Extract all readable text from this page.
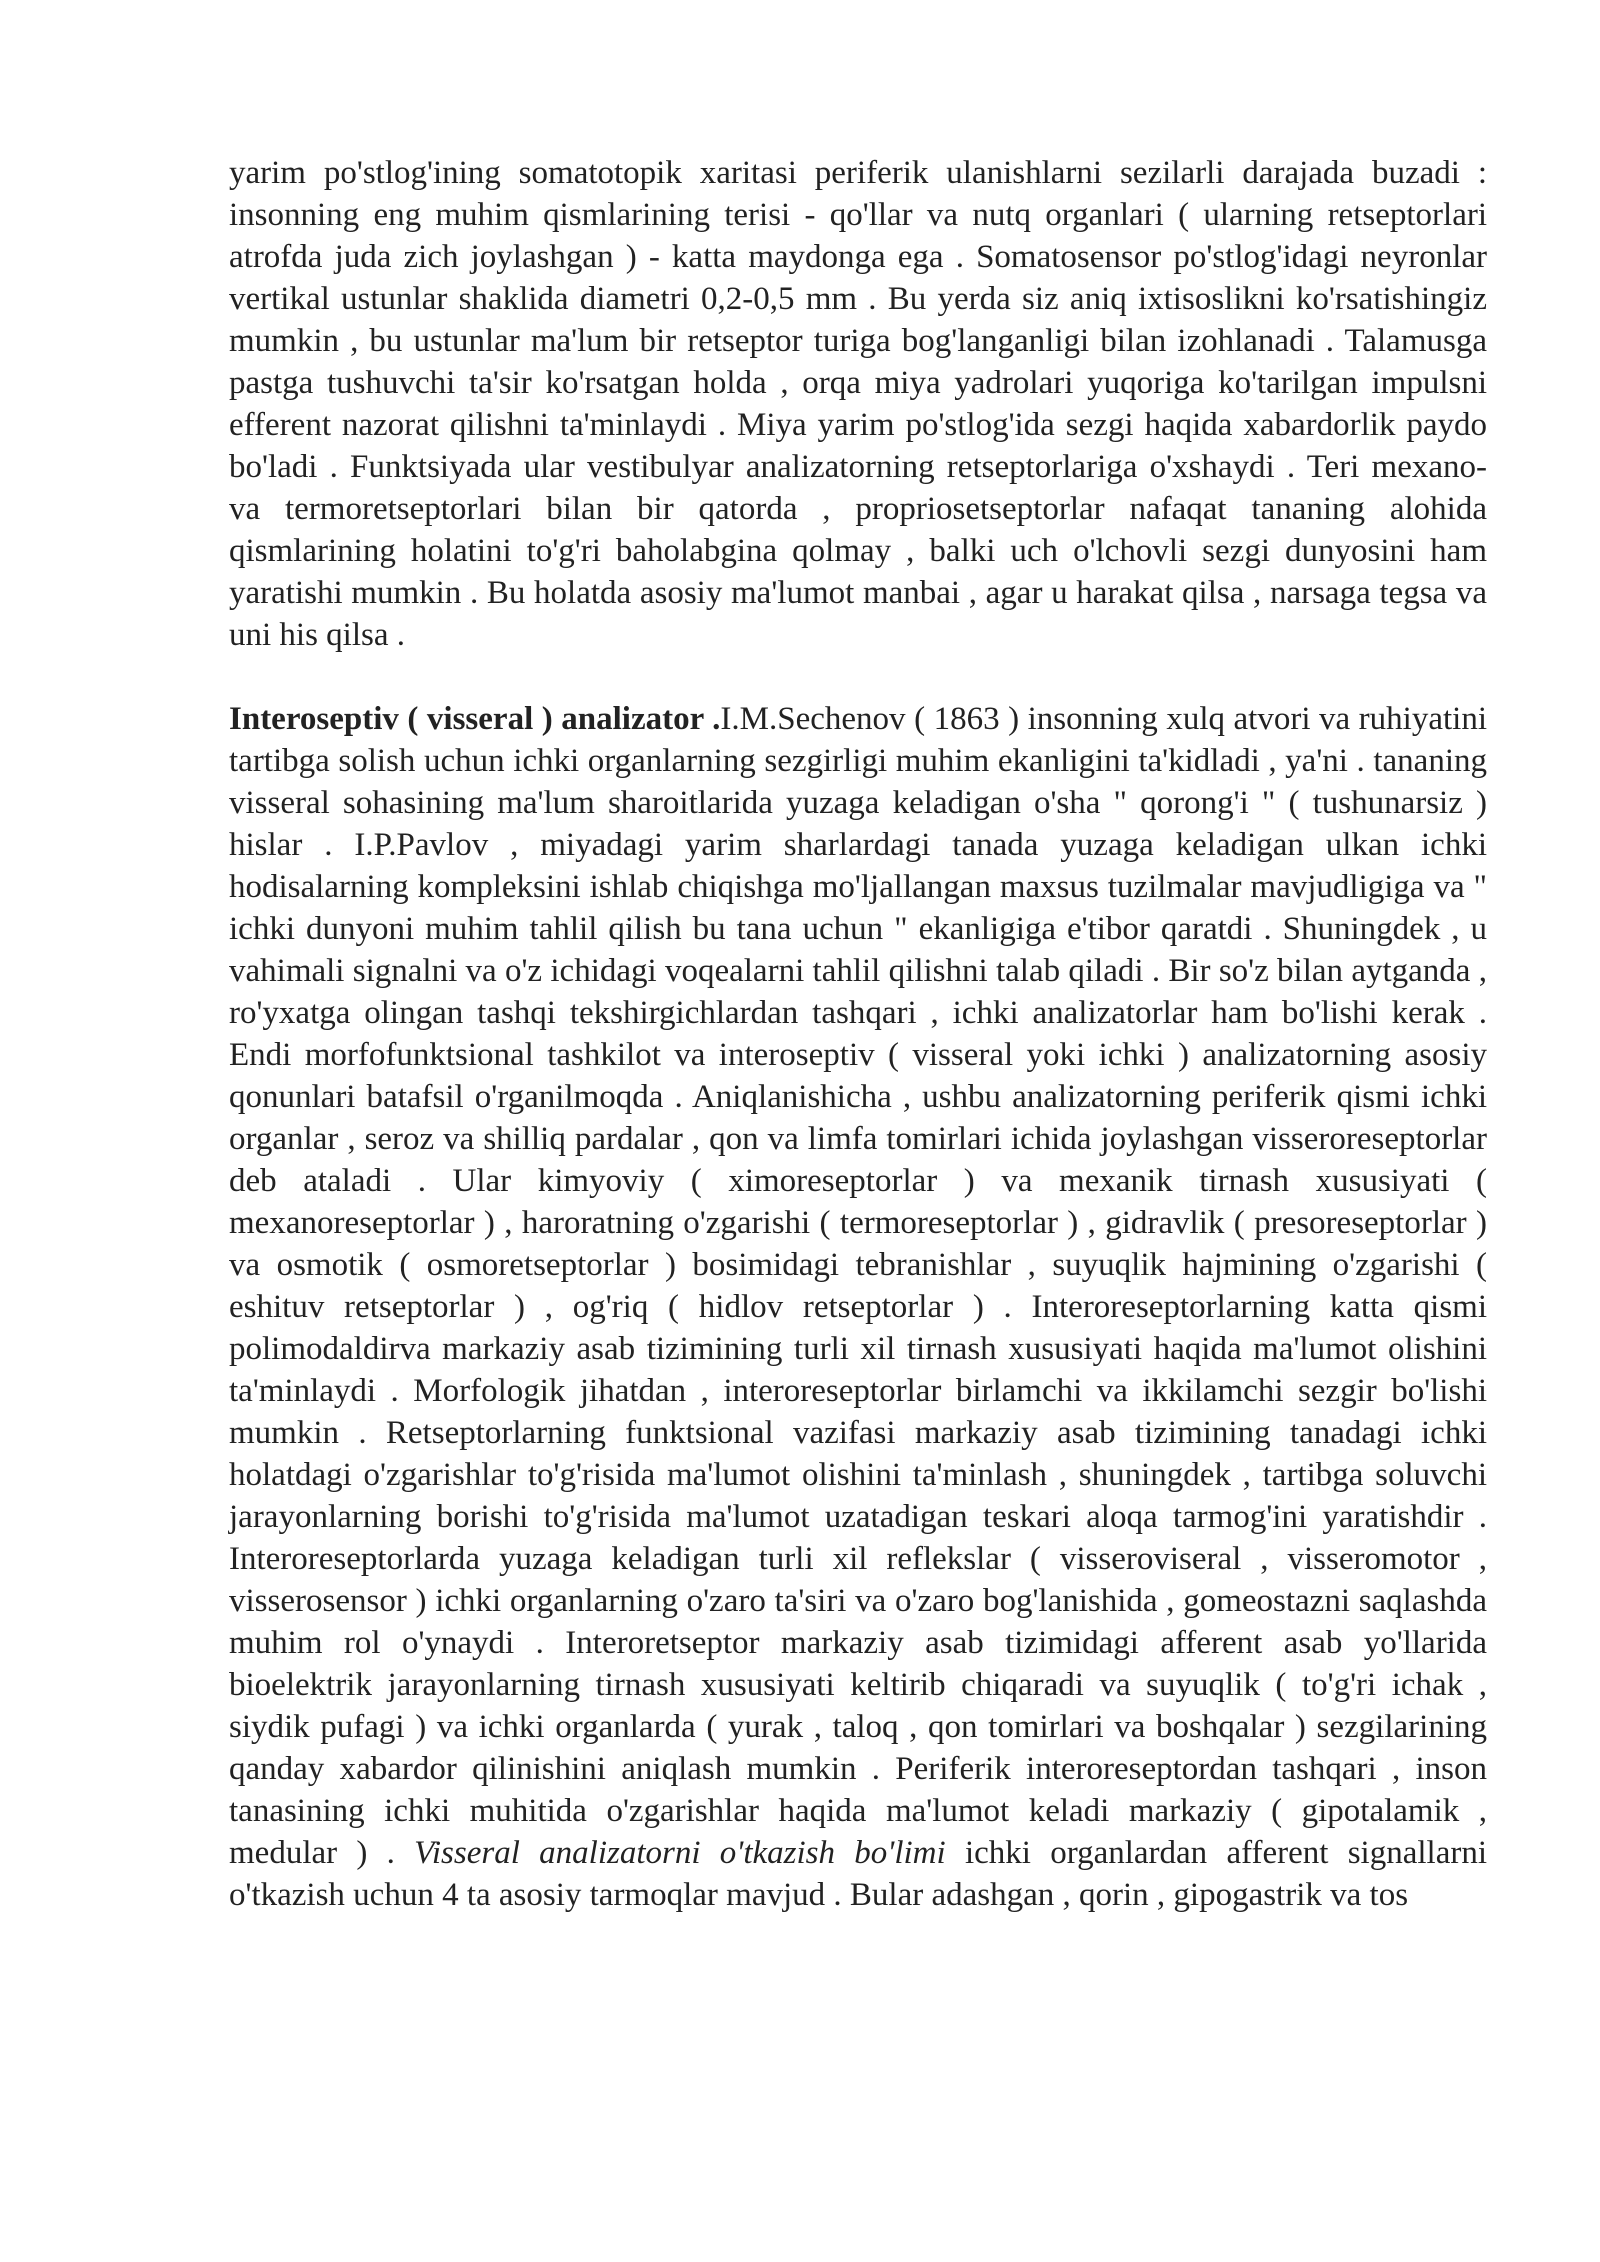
yarim po'stlog'ining somatotopik xaritasi periferik ulanishlarni sezilarli darajada buzadi : insonning eng muhim qismlarining terisi - qo'llar va nutq organlari ( ularning retseptorlari atrofda juda zich joylashgan ) - katta maydonga ega . Somatosensor po'stlog'idagi neyronlar vertikal ustunlar shaklida diametri 0,2-0,5 mm . Bu yerda siz aniq ixtisoslikni ko'rsatishingiz mumkin , bu ustunlar ma'lum bir retseptor turiga bog'langanligi bilan izohlanadi . Talamusga pastga tushuvchi ta'sir ko'rsatgan holda , orqa miya yadrolari yuqoriga ko'tarilgan impulsni efferent nazorat qilishni ta'minlaydi . Miya yarim po'stlog'ida sezgi haqida xabardorlik paydo bo'ladi . Funktsiyada ular vestibulyar analizatorning retseptorlariga o'xshaydi . Teri mexano- va termoretseptorlari bilan bir qatorda , propriosetseptorlar nafaqat tananing alohida qismlarining holatini to'g'ri baholabgina qolmay , balki uch o'lchovli sezgi dunyosini ham yaratishi mumkin . Bu holatda asosiy ma'lumot manbai , agar u harakat qilsa , narsaga tegsa va uni his qilsa .

Interoseptiv ( visseral ) analizator .I.M.Sechenov ( 1863 ) insonning xulq atvori va ruhiyatini tartibga solish uchun ichki organlarning sezgirligi muhim ekanligini ta'kidladi , ya'ni . tananing visseral sohasining ma'lum sharoitlarida yuzaga keladigan o'sha " qorong'i " ( tushunarsiz ) hislar . I.P.Pavlov , miyadagi yarim sharlardagi tanada yuzaga keladigan ulkan ichki hodisalarning kompleksini ishlab chiqishga mo'ljallangan maxsus tuzilmalar mavjudligiga va " ichki dunyoni muhim tahlil qilish bu tana uchun " ekanligiga e'tibor qaratdi . Shuningdek , u vahimali signalni va o'z ichidagi voqealarni tahlil qilishni talab qiladi . Bir so'z bilan aytganda , ro'yxatga olingan tashqi tekshirgichlardan tashqari , ichki analizatorlar ham bo'lishi kerak . Endi morfofunktsional tashkilot va interoseptiv ( visseral yoki ichki ) analizatorning asosiy qonunlari batafsil o'rganilmoqda . Aniqlanishicha , ushbu analizatorning periferik qismi ichki organlar , seroz va shilliq pardalar , qon va limfa tomirlari ichida joylashgan visseroreseptorlar deb ataladi . Ular kimyoviy ( ximoreseptorlar ) va mexanik tirnash xususiyati ( mexanoreseptorlar ) , haroratning o'zgarishi ( termoreseptorlar ) , gidravlik ( presoreseptorlar ) va osmotik ( osmoretseptorlar ) bosimidagi tebranishlar , suyuqlik hajmining o'zgarishi ( eshituv retseptorlar ) , og'riq ( hidlov retseptorlar ) . Interoreseptorlarning katta qismi polimodaldirva markaziy asab tizimining turli xil tirnash xususiyati haqida ma'lumot olishini ta'minlaydi . Morfologik jihatdan , interoreseptorlar birlamchi va ikkilamchi sezgir bo'lishi mumkin . Retseptorlarning funktsional vazifasi markaziy asab tizimining tanadagi ichki holatdagi o'zgarishlar to'g'risida ma'lumot olishini ta'minlash , shuningdek , tartibga soluvchi jarayonlarning borishi to'g'risida ma'lumot uzatadigan teskari aloqa tarmog'ini yaratishdir . Interoreseptorlarda yuzaga keladigan turli xil reflekslar ( visseroviseral , visseromotor , visserosensor ) ichki organlarning o'zaro ta'siri va o'zaro bog'lanishida , gomeostazni saqlashda muhim rol o'ynaydi . Interoretseptor markaziy asab tizimidagi afferent asab yo'llarida bioelektrik jarayonlarning tirnash xususiyati keltirib chiqaradi va suyuqlik ( to'g'ri ichak , siydik pufagi ) va ichki organlarda ( yurak , taloq , qon tomirlari va boshqalar ) sezgilarining qanday xabardor qilinishini aniqlash mumkin . Periferik interoreseptordan tashqari , inson tanasining ichki muhitida o'zgarishlar haqida ma'lumot keladi markaziy ( gipotalamik , medular ) . Visseral analizatorni o'tkazish bo'limi ichki organlardan afferent signallarni o'tkazish uchun 4 ta asosiy tarmoqlar mavjud . Bular adashgan , qorin , gipogastrik va tos
